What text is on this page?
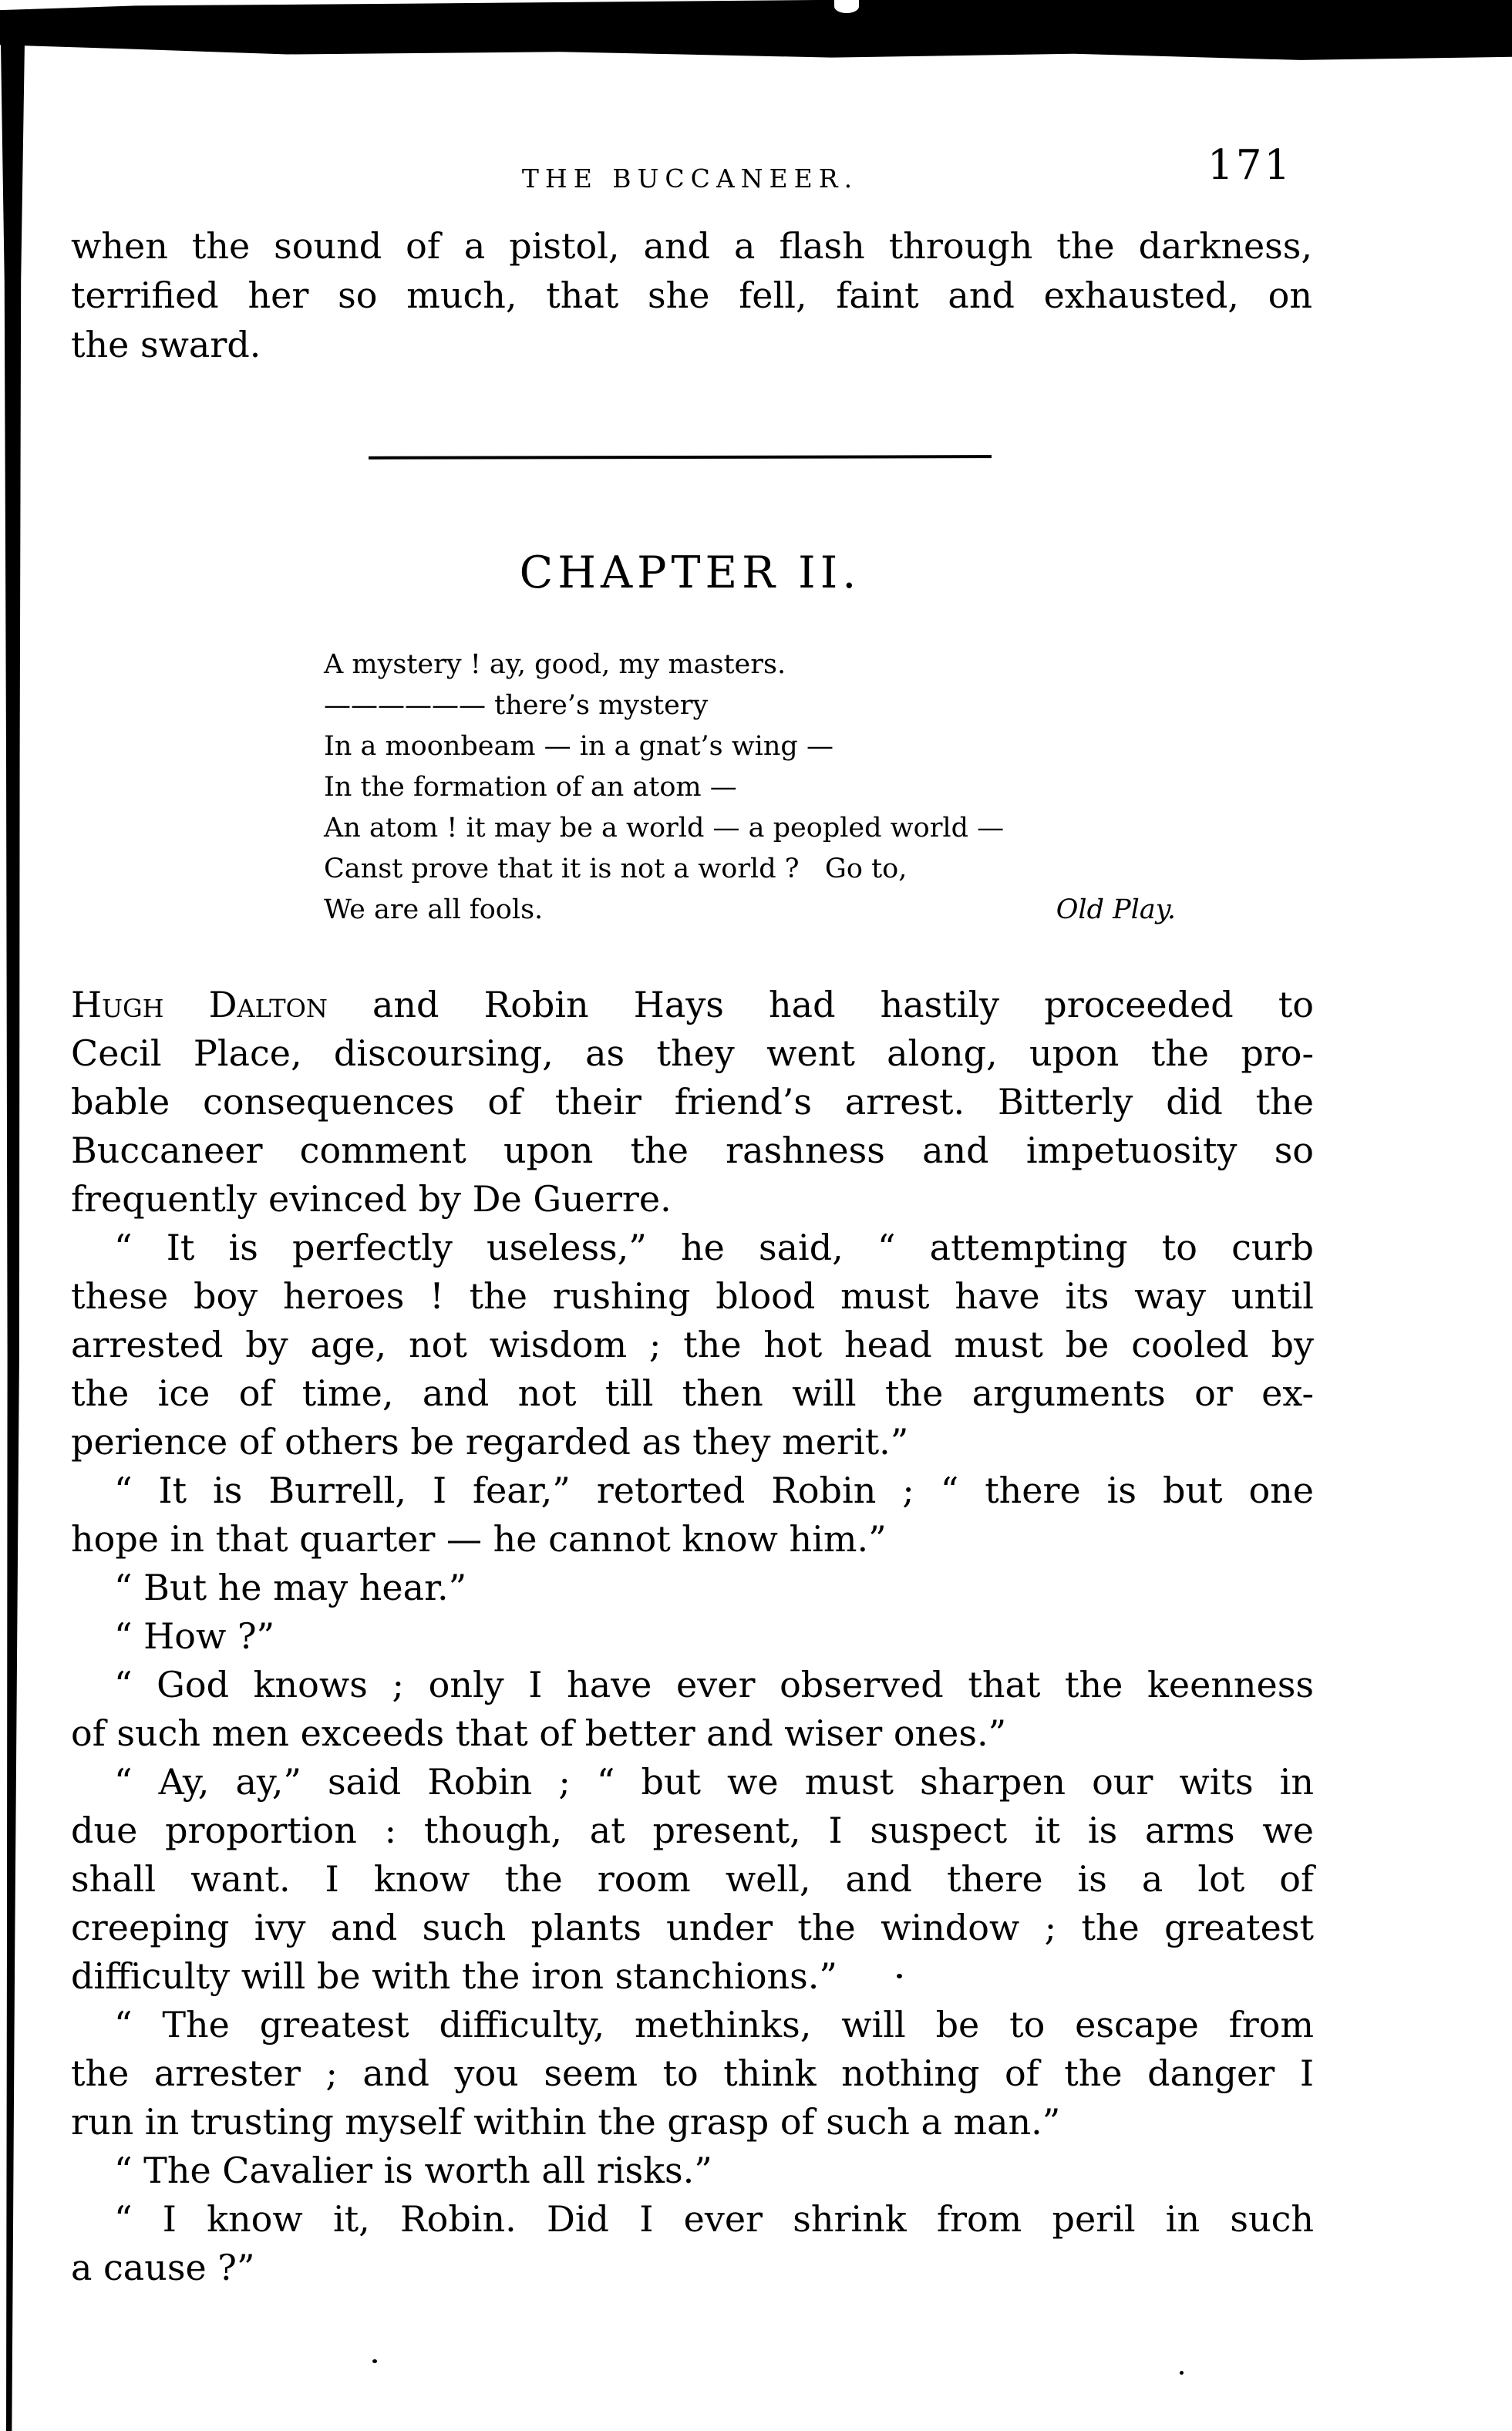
THE BUCCANEER.	171
when the sound of a pistol, and a flash through the darkness,
terrified her so much, that she fell, faint and exhausted, on
the sward.
CHAPTER II.
A mystery ! ay, good, my masters.
—————— there’s mystery
In a moonbeam — in a gnat’s wing —
In the formation of an atom —
An atom ! it may be a world — a peopled world —
Canst prove that it is not a world ?   Go to,
We are all fools.	Old Play.
Hugh Dalton and Robin Hays had hastily proceeded to
Cecil Place, discoursing, as they went along, upon the pro-
bable consequences of their friend’s arrest. Bitterly did the
Buccaneer comment upon the rashness and impetuosity so
frequently evinced by De Guerre.
“ It is perfectly useless,” he said, “ attempting to curb
these boy heroes ! the rushing blood must have its way until
arrested by age, not wisdom ; the hot head must be cooled by
the ice of time, and not till then will the arguments or ex-
perience of others be regarded as they merit.”
“ It is Burrell, I fear,” retorted Robin ; “ there is but one
hope in that quarter — he cannot know him.”
“ But he may hear.”
“ How ?”
“ God knows ; only I have ever observed that the keenness
of such men exceeds that of better and wiser ones.”
“ Ay, ay,” said Robin ; “ but we must sharpen our wits in
due proportion : though, at present, I suspect it is arms we
shall want. I know the room well, and there is a lot of
creeping ivy and such plants under the window ; the greatest
difficulty will be with the iron stanchions.”
“ The greatest difficulty, methinks, will be to escape from
the arrester ; and you seem to think nothing of the danger I
run in trusting myself within the grasp of such a man.”
“ The Cavalier is worth all risks.”
“ I know it, Robin. Did I ever shrink from peril in such
a cause ?”
